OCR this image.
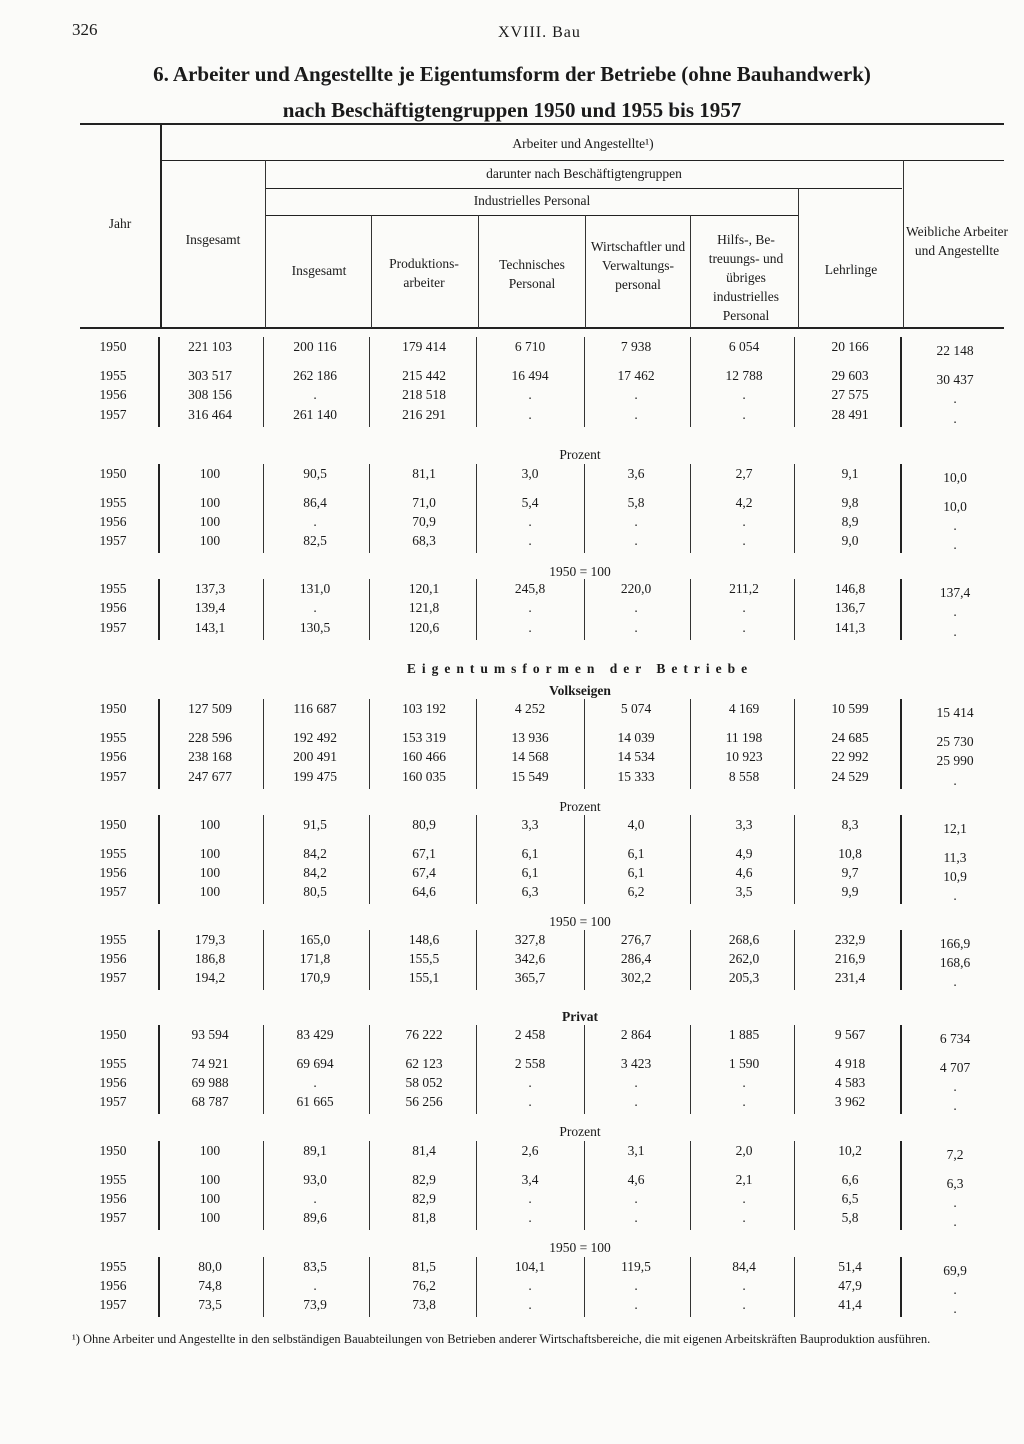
326	XVIII. Bau
6. Arbeiter und Angestellte je Eigentumsform der Betriebe (ohne Bauhandwerk)
nach Beschäftigtengruppen 1950 und 1955 bis 1957
Jahr
Arbeiter und Angestellte¹)
Insgesamt
darunter nach Beschäftigtengruppen
Industrielles Personal
Insgesamt	Produktions- arbeiter
Technisches Personal
Wirtschaftler und Verwaltungs- personal
Hilfs-, Be- treuungs- und übriges industrielles Personal
Lehrlinge
Weibliche Arbeiter und Angestellte
1950	221 103	200 116	179 414	6 710	7 938	6 054	20 166	22 148
1955	303 517	262 186	215 442	16 494	17 462	12 788	29 603	30 437
1956	308 156	.	218 518	.	.	.	27 575	.
1957	316 464	261 140	216 291	.	.	.	28 491	.
Prozent
1950	100	90,5	81,1	3,0	3,6	2,7	9,1	10,0
1955	100	86,4	71,0	5,4	5,8	4,2	9,8	10,0
1956	100	.	70,9	.	.	.	8,9	.
1957	100	82,5	68,3	.	.	.	9,0	.
1950 = 100
1955	137,3	131,0	120,1	245,8	220,0	211,2	146,8	137,4
1956	139,4	.	121,8	.	.	.	136,7	.
1957	143,1	130,5	120,6	.	.	.	141,3	.
Eigentumsformen der Betriebe
Volkseigen
1950	127 509	116 687	103 192	4 252	5 074	4 169	10 599	15 414
1955	228 596	192 492	153 319	13 936	14 039	11 198	24 685	25 730
1956	238 168	200 491	160 466	14 568	14 534	10 923	22 992	25 990
1957	247 677	199 475	160 035	15 549	15 333	8 558	24 529	.
Prozent
1950	100	91,5	80,9	3,3	4,0	3,3	8,3	12,1
1955	100	84,2	67,1	6,1	6,1	4,9	10,8	11,3
1956	100	84,2	67,4	6,1	6,1	4,6	9,7	10,9
1957	100	80,5	64,6	6,3	6,2	3,5	9,9	.
1950 = 100
1955	179,3	165,0	148,6	327,8	276,7	268,6	232,9	166,9
1956	186,8	171,8	155,5	342,6	286,4	262,0	216,9	168,6
1957	194,2	170,9	155,1	365,7	302,2	205,3	231,4	.
Privat
1950	93 594	83 429	76 222	2 458	2 864	1 885	9 567	6 734
1955	74 921	69 694	62 123	2 558	3 423	1 590	4 918	4 707
1956	69 988	.	58 052	.	.	.	4 583	.
1957	68 787	61 665	56 256	.	.	.	3 962	.
Prozent
1950	100	89,1	81,4	2,6	3,1	2,0	10,2	7,2
1955	100	93,0	82,9	3,4	4,6	2,1	6,6	6,3
1956	100	.	82,9	.	.	.	6,5	.
1957	100	89,6	81,8	.	.	.	5,8	.
1950 = 100
1955	80,0	83,5	81,5	104,1	119,5	84,4	51,4	69,9
1956	74,8	.	76,2	.	.	.	47,9	.
1957	73,5	73,9	73,8	.	.	.	41,4	.
¹) Ohne Arbeiter und Angestellte in den selbständigen Bauabteilungen von Betrieben anderer Wirtschaftsbereiche, die mit eigenen Arbeitskräften Bauproduktion ausführen.
